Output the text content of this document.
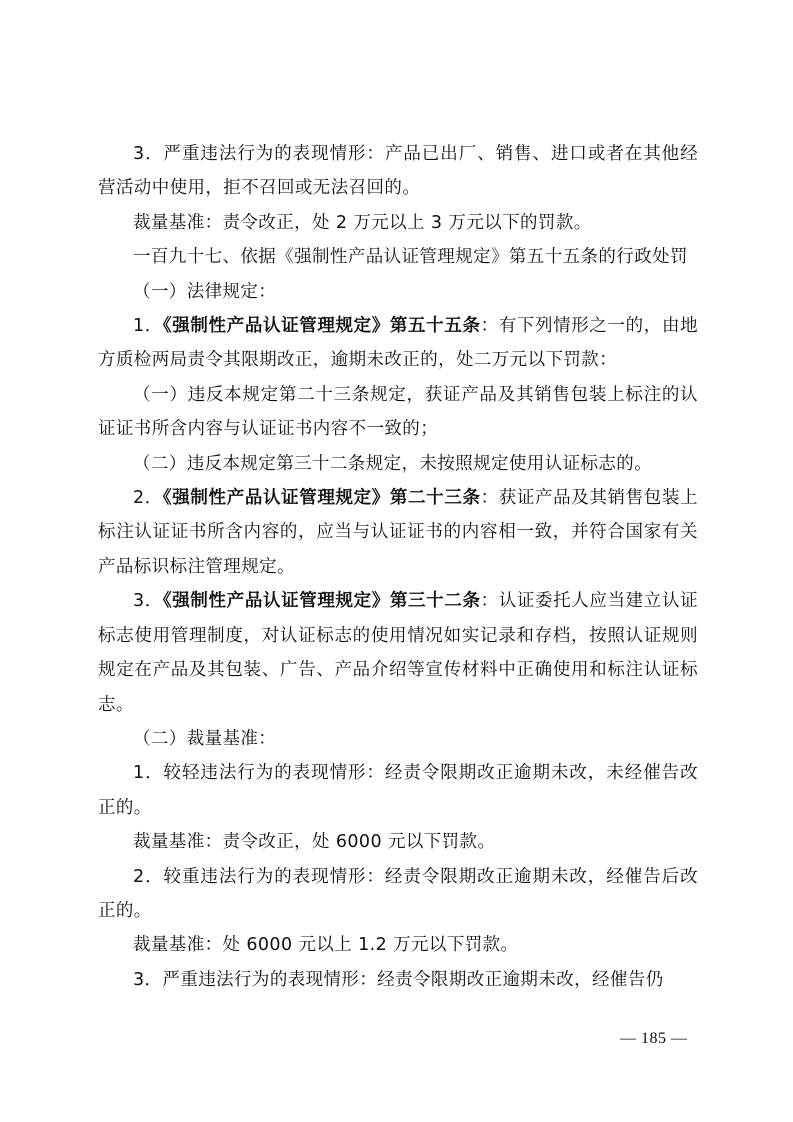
3．严重违法行为的表现情形：产品已出厂、销售、进口或者在其他经营活动中使用，拒不召回或无法召回的。

裁量基准：责令改正，处 2 万元以上 3 万元以下的罚款。

一百九十七、依据《强制性产品认证管理规定》第五十五条的行政处罚

（一）法律规定：

1．《强制性产品认证管理规定》第五十五条：有下列情形之一的，由地方质检两局责令其限期改正，逾期未改正的，处二万元以下罚款：

（一）违反本规定第二十三条规定，获证产品及其销售包装上标注的认证证书所含内容与认证证书内容不一致的；

（二）违反本规定第三十二条规定，未按照规定使用认证标志的。

2．《强制性产品认证管理规定》第二十三条：获证产品及其销售包装上标注认证证书所含内容的，应当与认证证书的内容相一致，并符合国家有关产品标识标注管理规定。

3．《强制性产品认证管理规定》第三十二条：认证委托人应当建立认证标志使用管理制度，对认证标志的使用情况如实记录和存档，按照认证规则规定在产品及其包装、广告、产品介绍等宣传材料中正确使用和标注认证标志。

（二）裁量基准：

1．较轻违法行为的表现情形：经责令限期改正逾期未改，未经催告改正的。

裁量基准：责令改正，处 6000 元以下罚款。

2．较重违法行为的表现情形：经责令限期改正逾期未改，经催告后改正的。

裁量基准：处 6000 元以上 1.2 万元以下罚款。

3．严重违法行为的表现情形：经责令限期改正逾期未改，经催告仍

— 185 —
